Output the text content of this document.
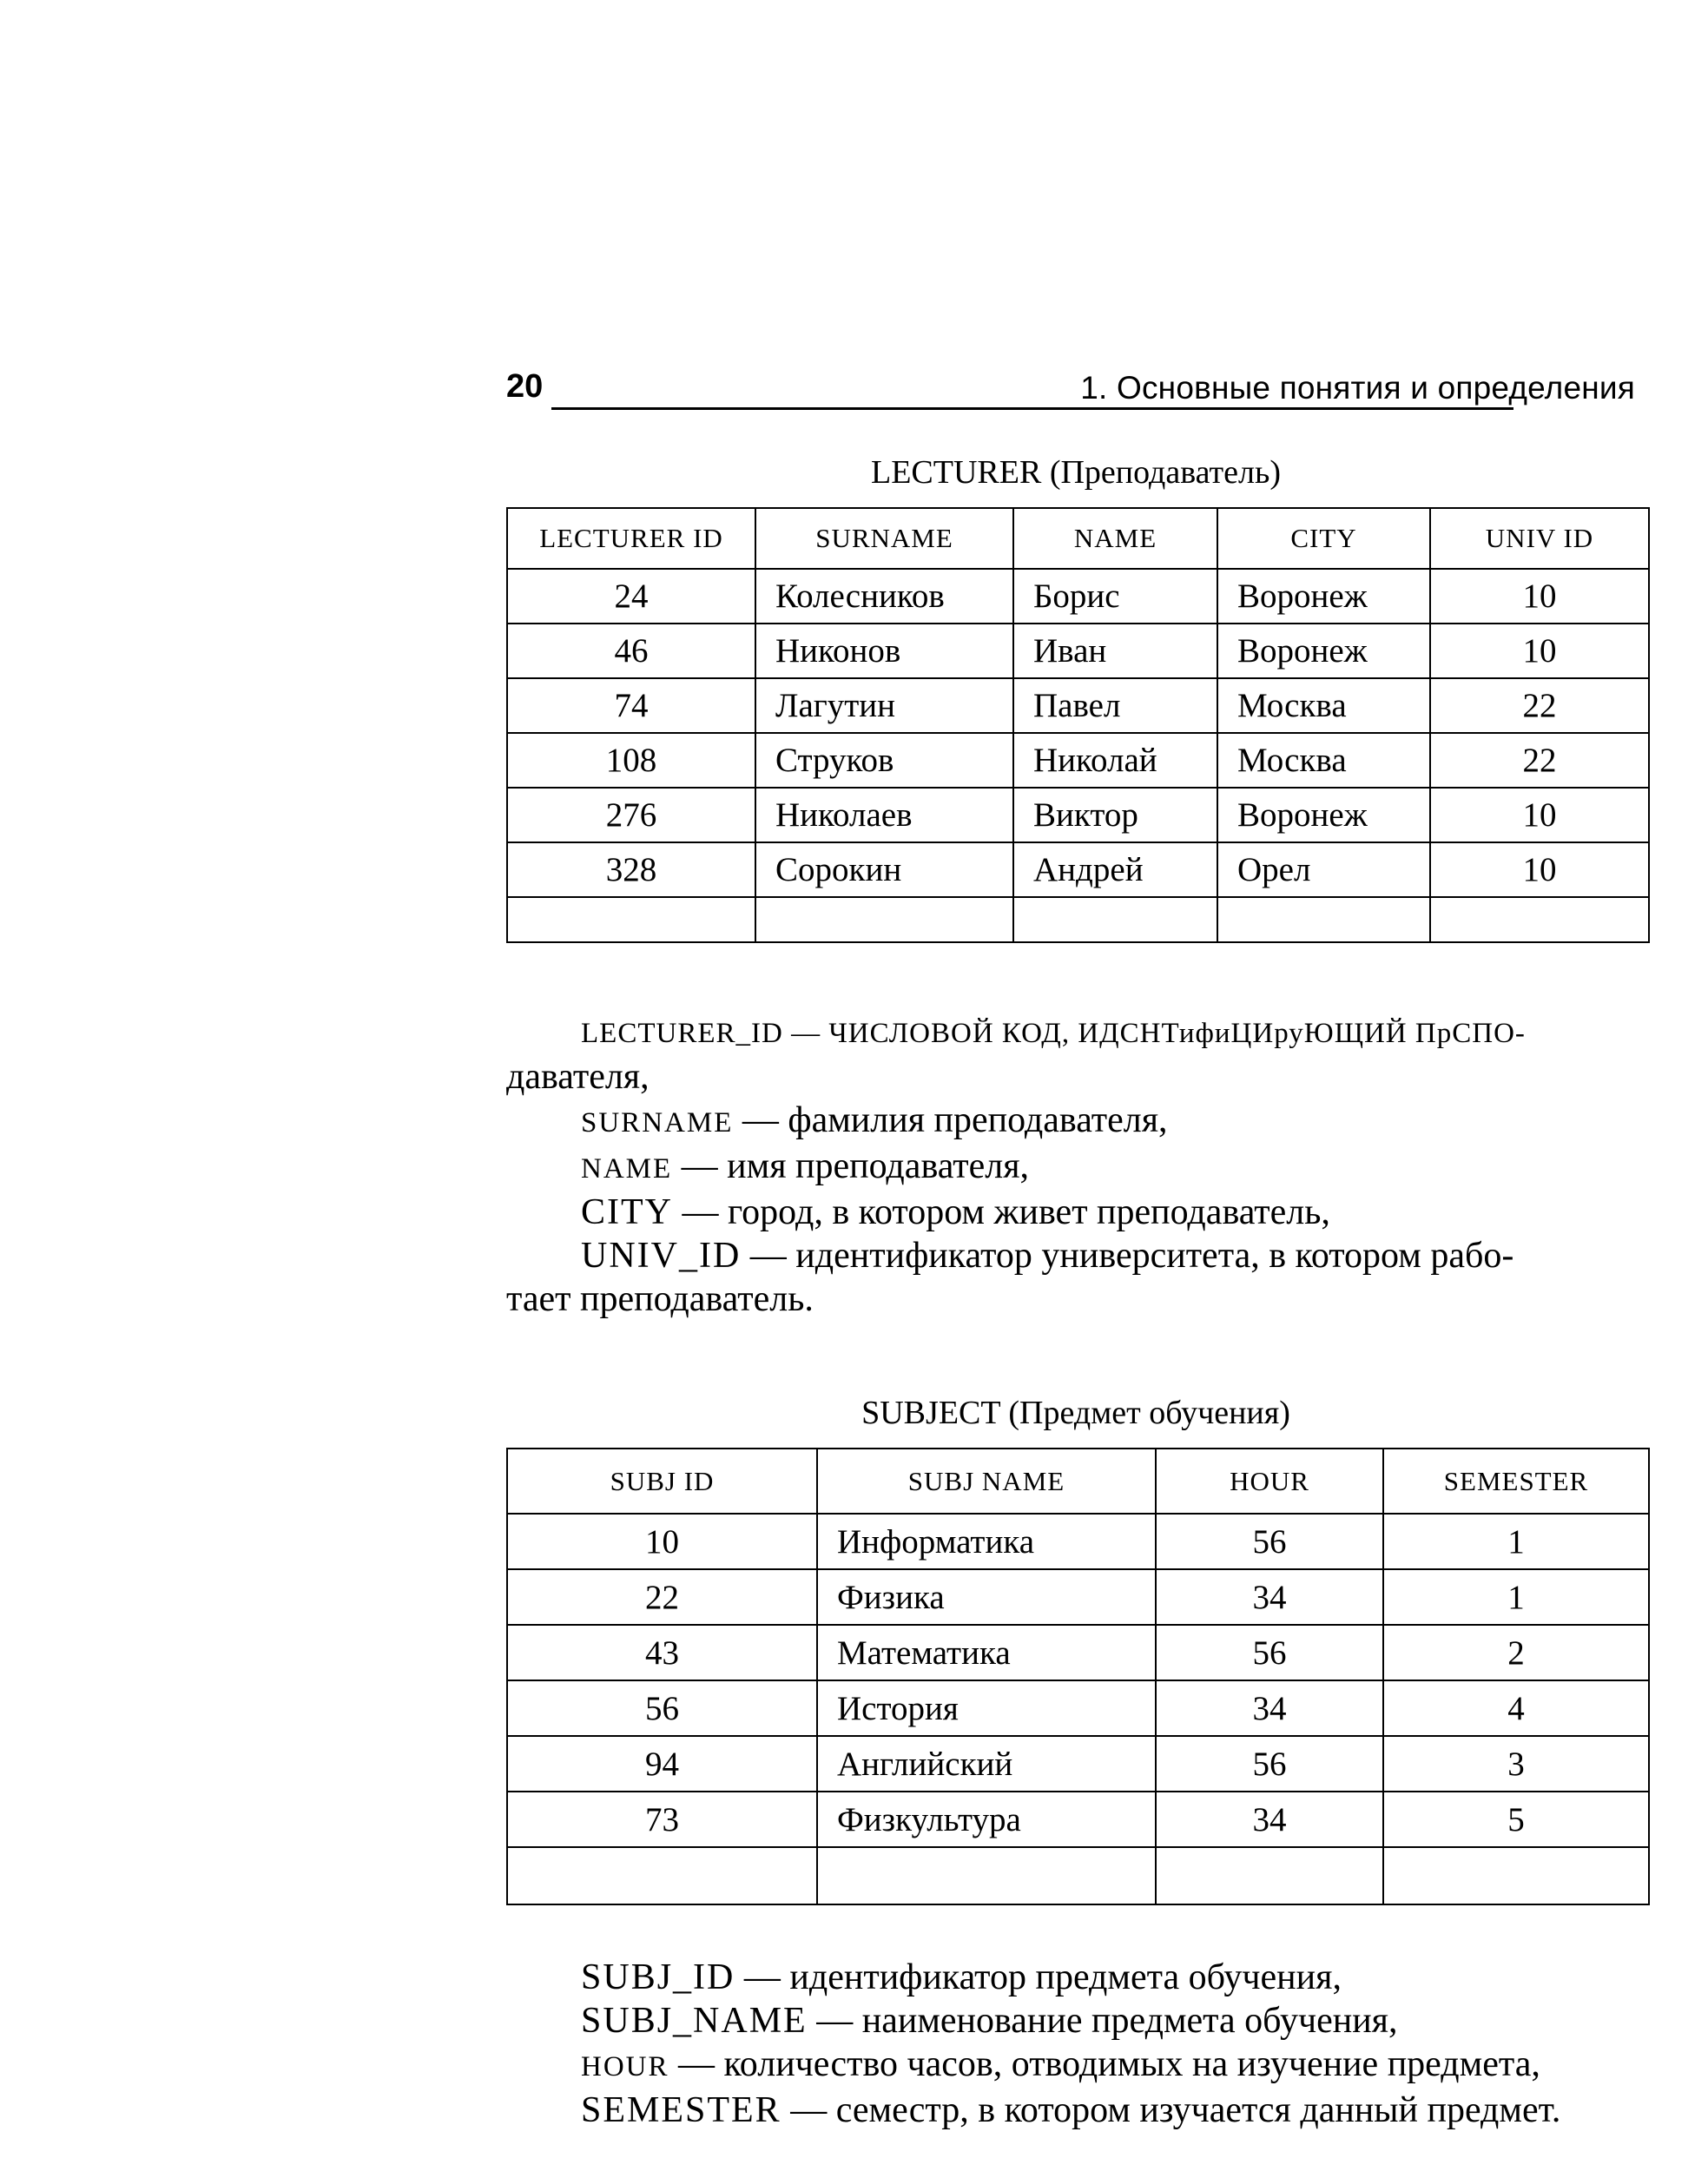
20	1. Основные понятия и определения
LECTURER (Преподаватель)
LECTURER ID	SURNAME	NAME	CITY	UNIV ID
24	Колесников	Борис	Воронеж	10
46	Никонов	Иван	Воронеж	10
74	Лагутин	Павел	Москва	22
108	Струков	Николай	Москва	22
276	Николаев	Виктор	Воронеж	10
328	Сорокин	Андрей	Орел	10

LECTURER_ID — ЧИСЛОВОЙ КОД, ИДСНТифиЦИруЮЩИЙ ПрСПО-

давателя,

SURNAME — фамилия преподавателя,

NAME — имя преподавателя,

CITY — город, в котором живет преподаватель,

UNIV_ID — идентификатор университета, в котором рабо-

тает преподаватель.

SUBJECT (Предмет обучения)
SUBJ ID	SUBJ NAME	HOUR	SEMESTER
10	Информатика	56	1
22	Физика	34	1
43	Математика	56	2
56	История	34	4
94	Английский	56	3
73	Физкультура	34	5

SUBJ_ID — идентификатор предмета обучения,

SUBJ_NAME — наименование предмета обучения,

HOUR — количество часов, отводимых на изучение предмета,

SEMESTER — семестр, в котором изучается данный предмет.
